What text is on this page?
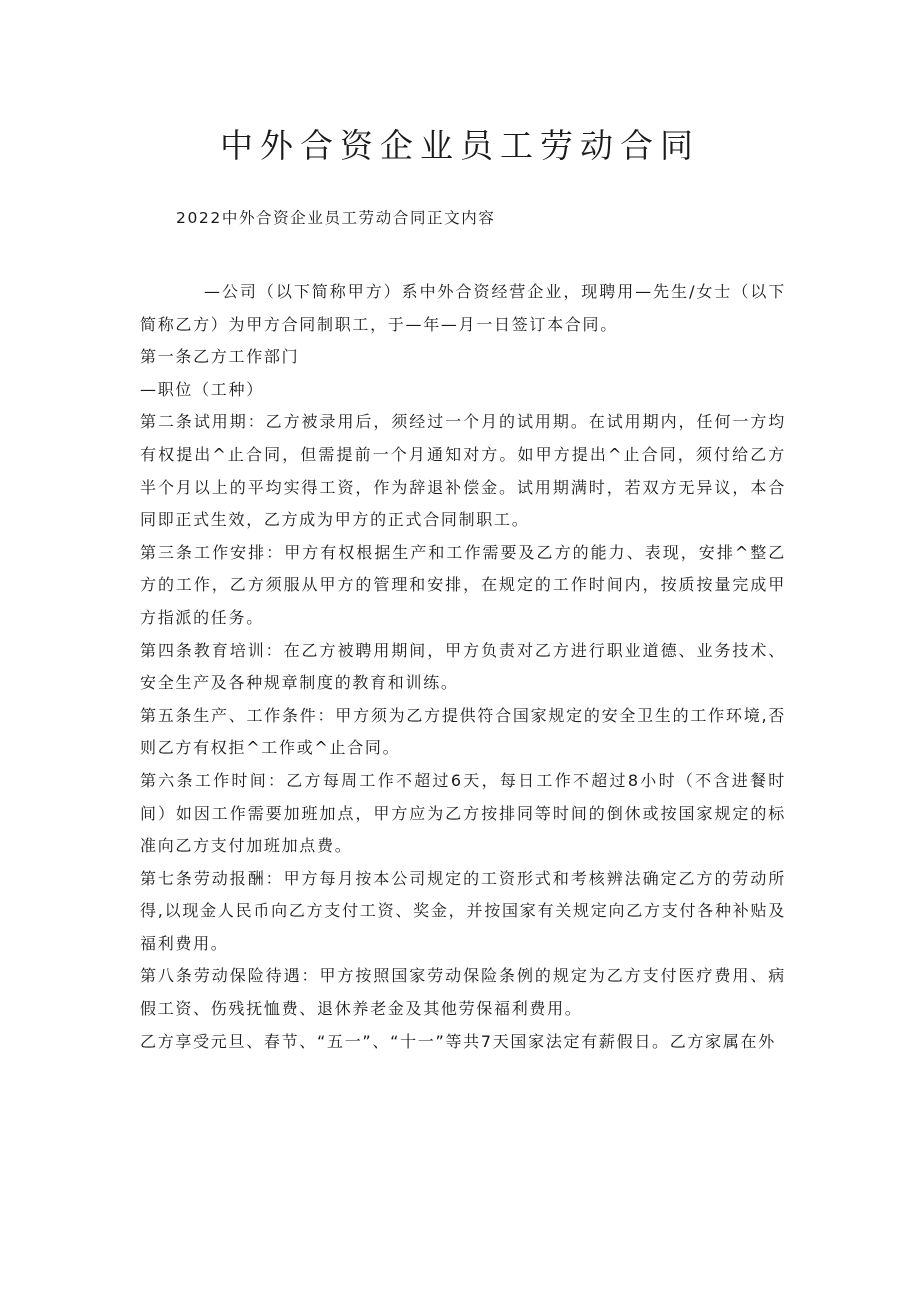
中外合资企业员工劳动合同

2022中外合资企业员工劳动合同正文内容

—公司（以下简称甲方）系中外合资经营企业，现聘用—先生/女士（以下简称乙方）为甲方合同制职工，于—年—月一日签订本合同。

第一条乙方工作部门

—职位（工种）

第二条试用期：乙方被录用后，须经过一个月的试用期。在试用期内，任何一方均有权提出^止合同，但需提前一个月通知对方。如甲方提出^止合同，须付给乙方半个月以上的平均实得工资，作为辞退补偿金。试用期满时，若双方无异议，本合同即正式生效，乙方成为甲方的正式合同制职工。

第三条工作安排：甲方有权根据生产和工作需要及乙方的能力、表现，安排^整乙方的工作，乙方须服从甲方的管理和安排，在规定的工作时间内，按质按量完成甲方指派的任务。

第四条教育培训：在乙方被聘用期间，甲方负责对乙方进行职业道德、业务技术、安全生产及各种规章制度的教育和训练。

第五条生产、工作条件：甲方须为乙方提供符合国家规定的安全卫生的工作环境,否则乙方有权拒^工作或^止合同。

第六条工作时间：乙方每周工作不超过6天，每日工作不超过8小时（不含进餐时间）如因工作需要加班加点，甲方应为乙方按排同等时间的倒休或按国家规定的标准向乙方支付加班加点费。

第七条劳动报酬：甲方每月按本公司规定的工资形式和考核辨法确定乙方的劳动所得,以现金人民币向乙方支付工资、奖金，并按国家有关规定向乙方支付各种补贴及福利费用。

第八条劳动保险待遇：甲方按照国家劳动保险条例的规定为乙方支付医疗费用、病假工资、伤残抚恤费、退休养老金及其他劳保福利费用。

乙方享受元旦、春节、“五一”、“十一”等共7天国家法定有薪假日。乙方家属在外
